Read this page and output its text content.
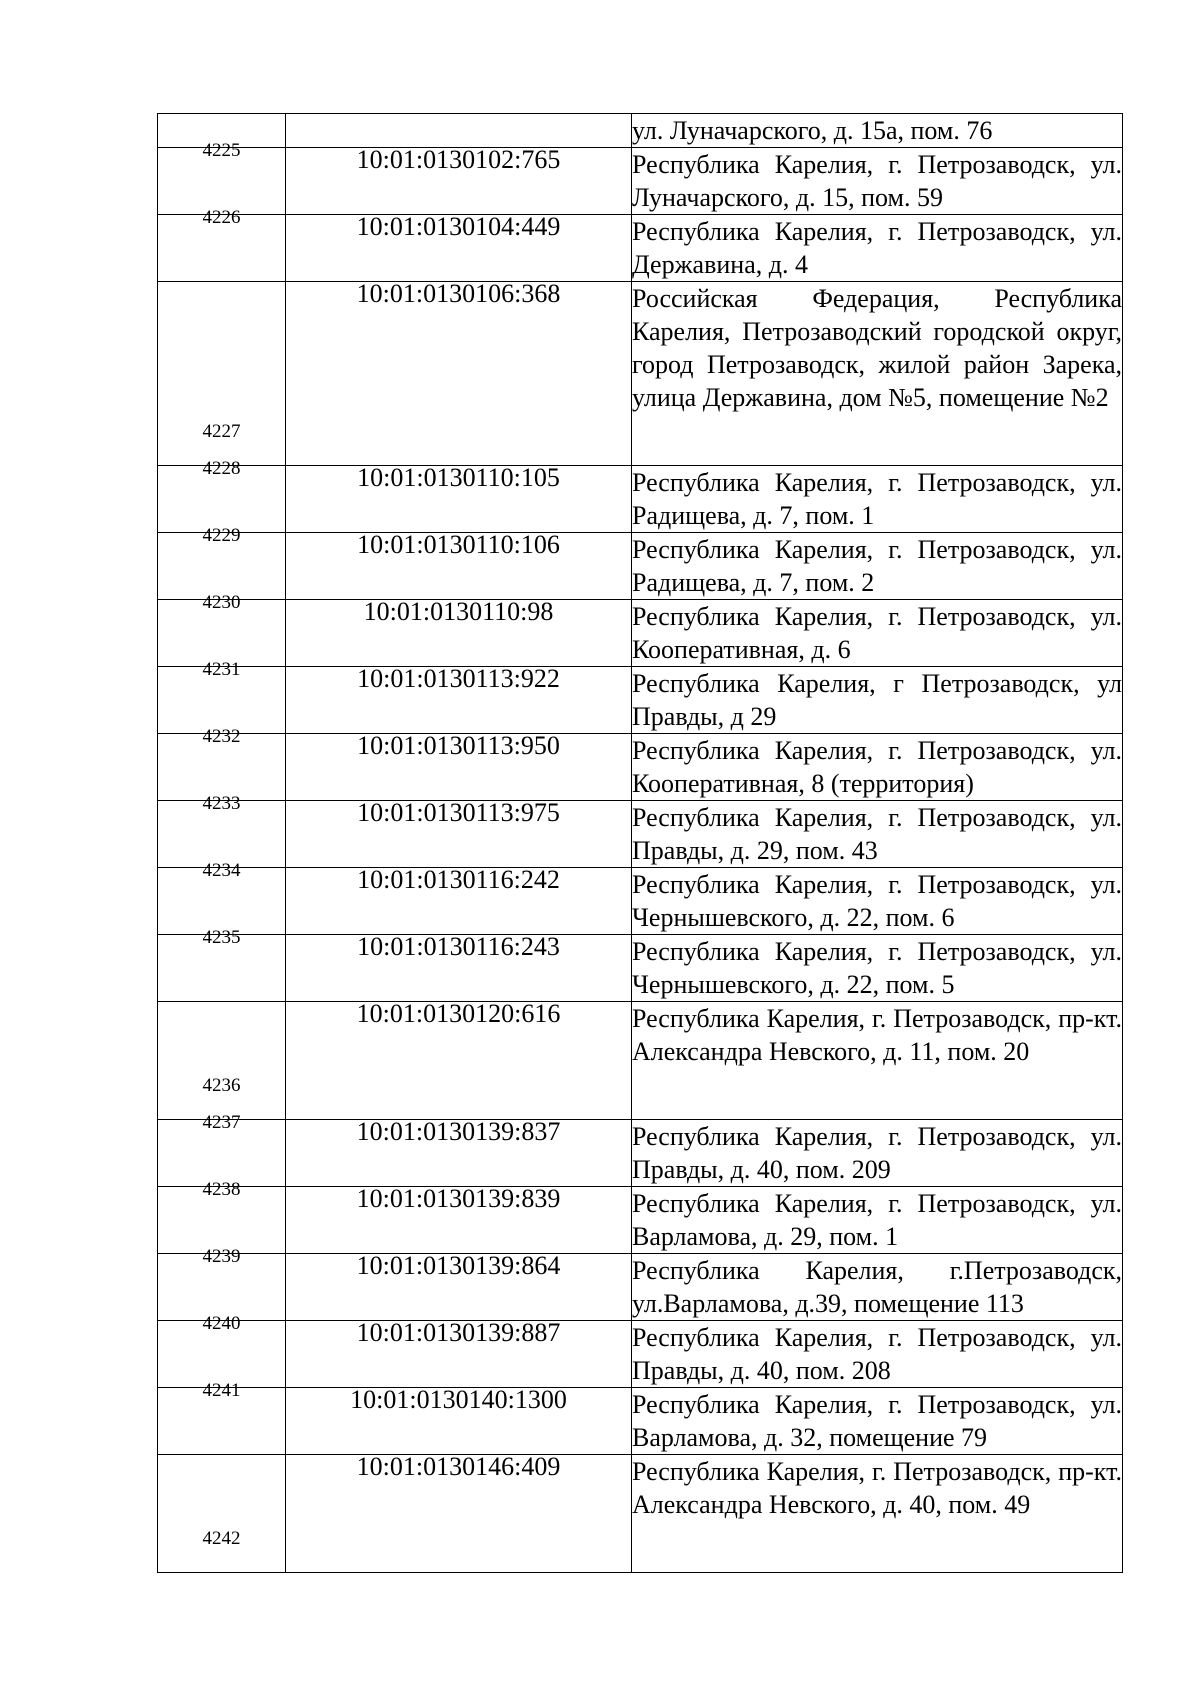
		ул. Луначарского, д. 15а, пом. 76
4225	10:01:0130102:765	Республика Карелия, г. Петрозаводск, ул. Луначарского, д. 15, пом. 59
4226	10:01:0130104:449	Республика Карелия, г. Петрозаводск, ул. Державина, д. 4
4227	10:01:0130106:368	Российская Федерация, Республика Карелия, Петрозаводский городской округ, город Петрозаводск, жилой район Зарека, улица Державина, дом №5, помещение №2
4228	10:01:0130110:105	Республика Карелия, г. Петрозаводск, ул. Радищева, д. 7, пом. 1
4229	10:01:0130110:106	Республика Карелия, г. Петрозаводск, ул. Радищева, д. 7, пом. 2
4230	10:01:0130110:98	Республика Карелия, г. Петрозаводск, ул. Кооперативная, д. 6
4231	10:01:0130113:922	Республика Карелия, г Петрозаводск, ул Правды, д 29
4232	10:01:0130113:950	Республика Карелия, г. Петрозаводск, ул. Кооперативная, 8 (территория)
4233	10:01:0130113:975	Республика Карелия, г. Петрозаводск, ул. Правды, д. 29, пом. 43
4234	10:01:0130116:242	Республика Карелия, г. Петрозаводск, ул. Чернышевского, д. 22, пом. 6
4235	10:01:0130116:243	Республика Карелия, г. Петрозаводск, ул. Чернышевского, д. 22, пом. 5
4236	10:01:0130120:616	Республика Карелия, г. Петрозаводск, пр-кт. Александра Невского, д. 11, пом. 20
4237	10:01:0130139:837	Республика Карелия, г. Петрозаводск, ул. Правды, д. 40, пом. 209
4238	10:01:0130139:839	Республика Карелия, г. Петрозаводск, ул. Варламова, д. 29, пом. 1
4239	10:01:0130139:864	Республика Карелия, г.Петрозаводск, ул.Варламова, д.39, помещение 113
4240	10:01:0130139:887	Республика Карелия, г. Петрозаводск, ул. Правды, д. 40, пом. 208
4241	10:01:0130140:1300	Республика Карелия, г. Петрозаводск, ул. Варламова, д. 32, помещение 79
4242	10:01:0130146:409	Республика Карелия, г. Петрозаводск, пр-кт. Александра Невского, д. 40, пом. 49
